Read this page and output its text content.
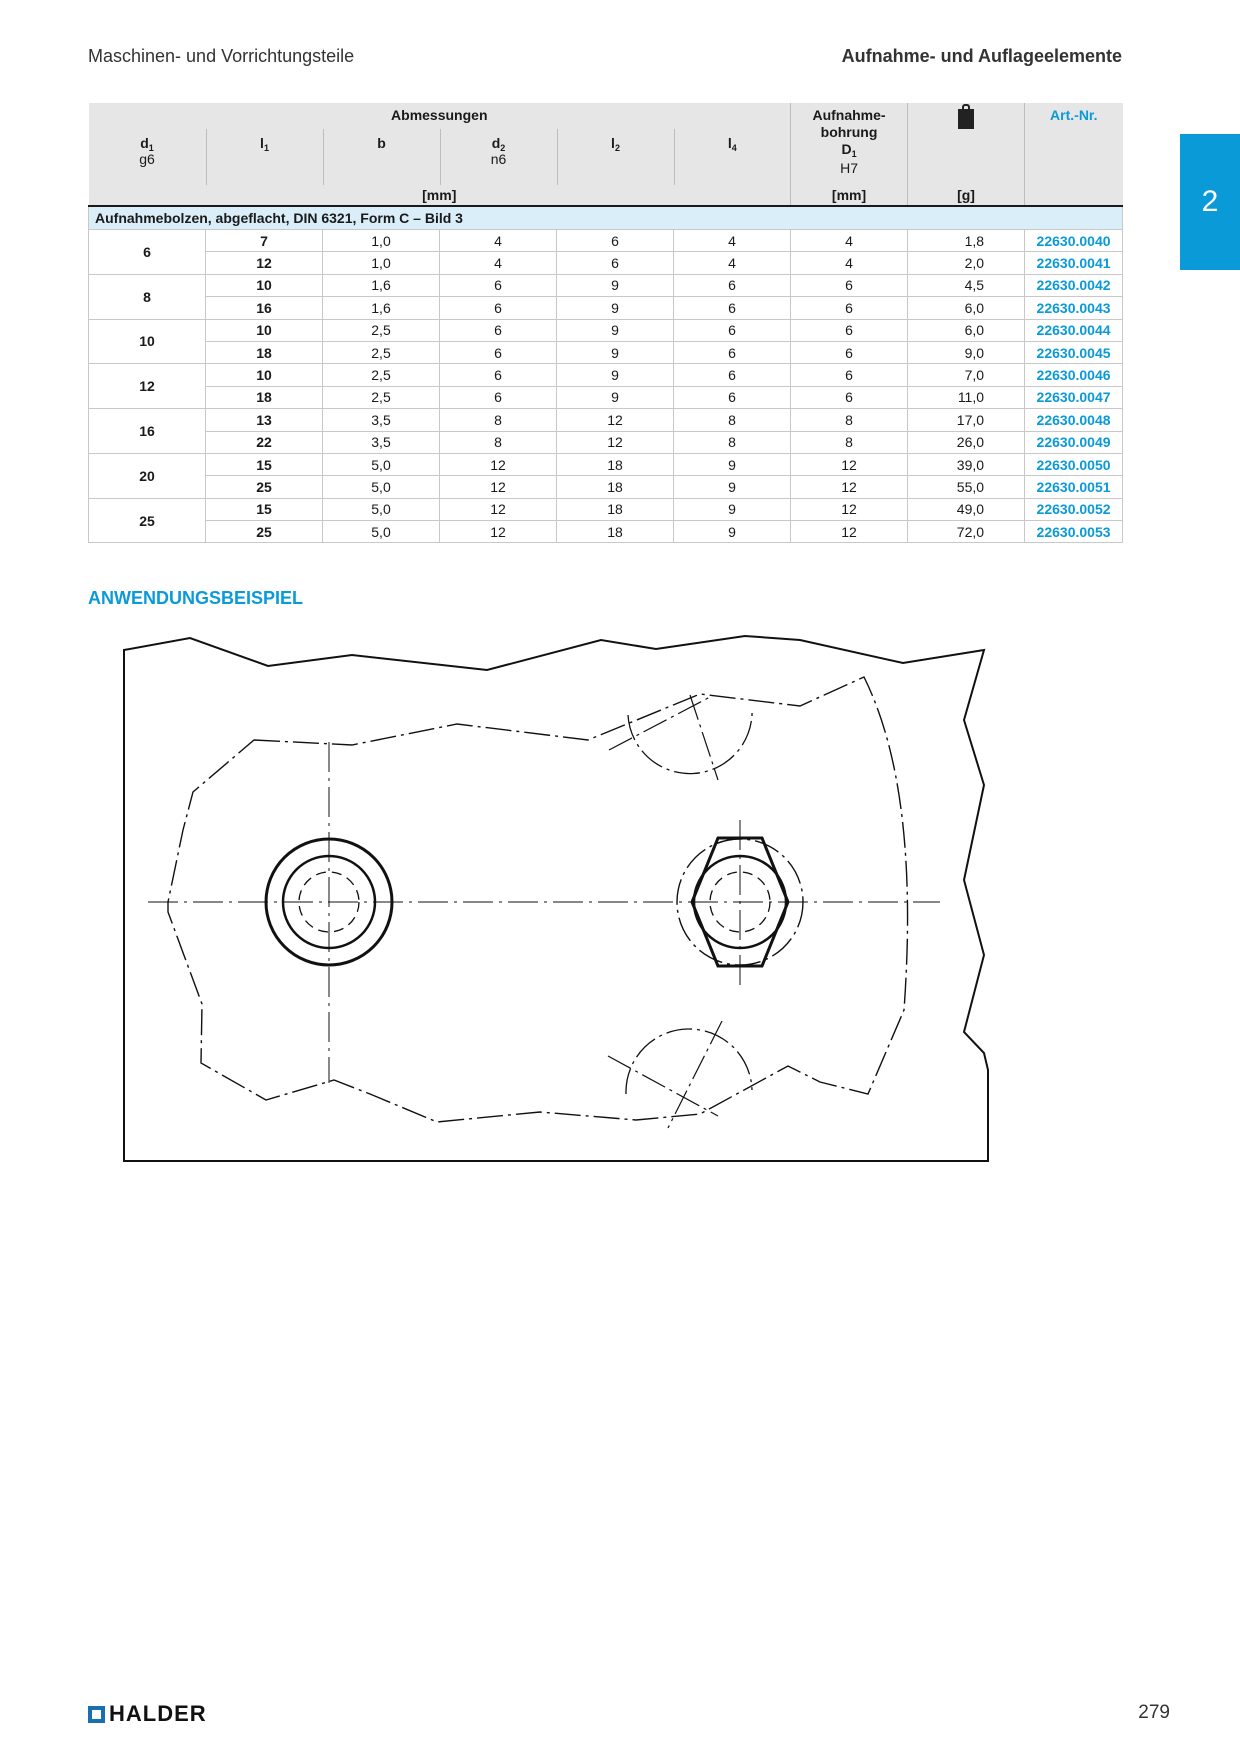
Maschinen- und Vorrichtungsteile	Aufnahme- und Auflageelemente
2
Abmessungen						Aufnahme-
bohrung
$D_1$

H7		Art.-Nr.

$d_1$
g6	$l_1$	b	$d_2$
n6	$l_2$	$l_4$

[mm]						[mm]	[g]	
Aufnahmebolzen, abgeflacht, DIN 6321, Form C – Bild 3								
6	7	1,0	4	6	4	4	1,8	22630.0040
	12	1,0	4	6	4	4	2,0	22630.0041
8	10	1,6	6	9	6	6	4,5	22630.0042
	16	1,6	6	9	6	6	6,0	22630.0043
10	10	2,5	6	9	6	6	6,0	22630.0044
	18	2,5	6	9	6	6	9,0	22630.0045
12	10	2,5	6	9	6	6	7,0	22630.0046
	18	2,5	6	9	6	6	11,0	22630.0047
16	13	3,5	8	12	8	8	17,0	22630.0048
	22	3,5	8	12	8	8	26,0	22630.0049
20	15	5,0	12	18	9	12	39,0	22630.0050
	25	5,0	12	18	9	12	55,0	22630.0051
25	15	5,0	12	18	9	12	49,0	22630.0052
	25	5,0	12	18	9	12	72,0	22630.0053
ANWENDUNGSBEISPIEL
HALDER	279
